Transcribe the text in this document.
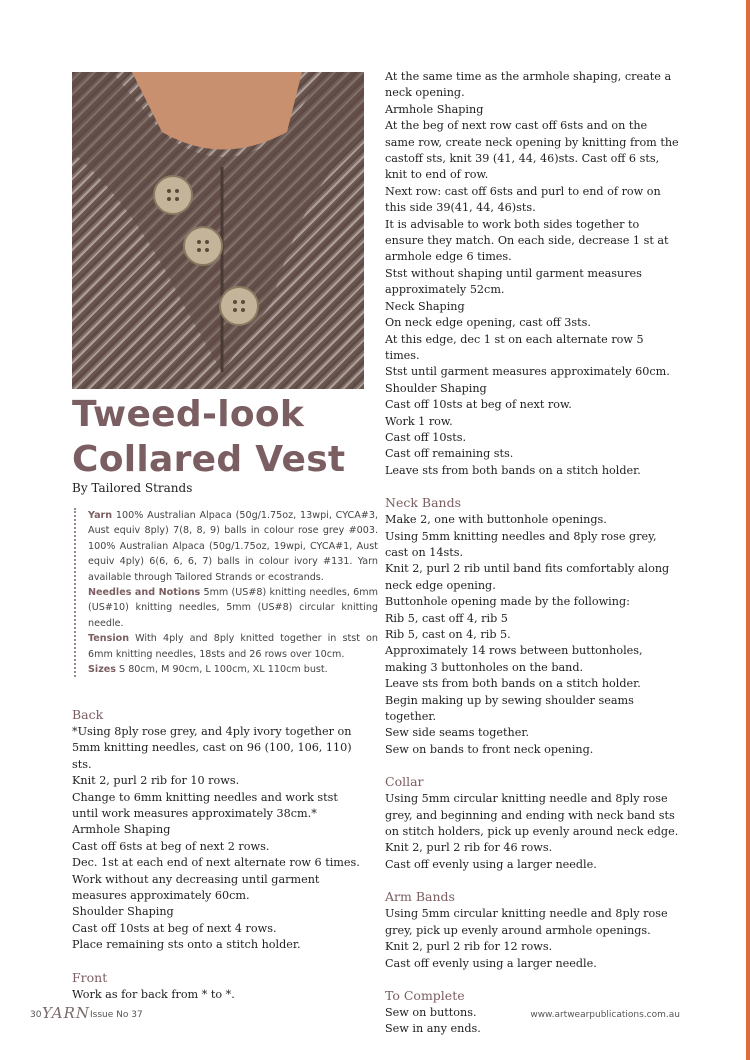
Tweed-look
Collared Vest
By Tailored Strands
Yarn 100% Australian Alpaca (50g/1.75oz, 13wpi, CYCA#3, Aust equiv 8ply) 7(8, 8, 9) balls in colour rose grey #003. 100% Australian Alpaca (50g/1.75oz, 19wpi, CYCA#1, Aust equiv 4ply) 6(6, 6, 6, 7) balls in colour ivory #131. Yarn available through Tailored Strands or ecostrands.
Needles and Notions 5mm (US#8) knitting needles, 6mm (US#10) knitting needles, 5mm (US#8) circular knitting needle.
Tension With 4ply and 8ply knitted together in stst on 6mm knitting needles, 18sts and 26 rows over 10cm.
Sizes S 80cm, M 90cm, L 100cm, XL 110cm bust.
Back
*Using 8ply rose grey, and 4ply ivory together on 5mm knitting needles, cast on 96 (100, 106, 110) sts.
Knit 2, purl 2 rib for 10 rows.
Change to 6mm knitting needles and work stst until work measures approximately 38cm.*
Armhole Shaping
Cast off 6sts at beg of next 2 rows.
Dec. 1st at each end of next alternate row 6 times.
Work without any decreasing until garment measures approximately 60cm.
Shoulder Shaping
Cast off 10sts at beg of next 4 rows.
Place remaining sts onto a stitch holder.
Front
Work as for back from * to *.
At the same time as the armhole shaping, create a neck opening.
Armhole Shaping
At the beg of next row cast off 6sts and on the same row, create neck opening by knitting from the castoff sts, knit 39 (41, 44, 46)sts. Cast off 6 sts, knit to end of row.
Next row: cast off 6sts and purl to end of row on this side 39(41, 44, 46)sts.
It is advisable to work both sides together to ensure they match. On each side, decrease 1 st at armhole edge 6 times.
Stst without shaping until garment measures approximately 52cm.
Neck Shaping
On neck edge opening, cast off 3sts.
At this edge, dec 1 st on each alternate row 5 times.
Stst until garment measures approximately 60cm.
Shoulder Shaping
Cast off 10sts at beg of next row.
Work 1 row.
Cast off 10sts.
Cast off remaining sts.
Leave sts from both bands on a stitch holder.
Neck Bands
Make 2, one with buttonhole openings.
Using 5mm knitting needles and 8ply rose grey, cast on 14sts.
Knit 2, purl 2 rib until band fits comfortably along neck edge opening.
Buttonhole opening made by the following:
Rib 5, cast off 4, rib 5
Rib 5, cast on 4, rib 5.
Approximately 14 rows between buttonholes, making 3 buttonholes on the band.
Leave sts from both bands on a stitch holder.
Begin making up by sewing shoulder seams together.
Sew side seams together.
Sew on bands to front neck opening.
Collar
Using 5mm circular knitting needle and 8ply rose grey, and beginning and ending with neck band sts on stitch holders, pick up evenly around neck edge.
Knit 2, purl 2 rib for 46 rows.
Cast off evenly using a larger needle.
Arm Bands
Using 5mm circular knitting needle and 8ply rose grey, pick up evenly around armhole openings.
Knit 2, purl 2 rib for 12 rows.
Cast off evenly using a larger needle.
To Complete
Sew on buttons.
Sew in any ends.
30 YARN Issue No 37	www.artwearpublications.com.au
